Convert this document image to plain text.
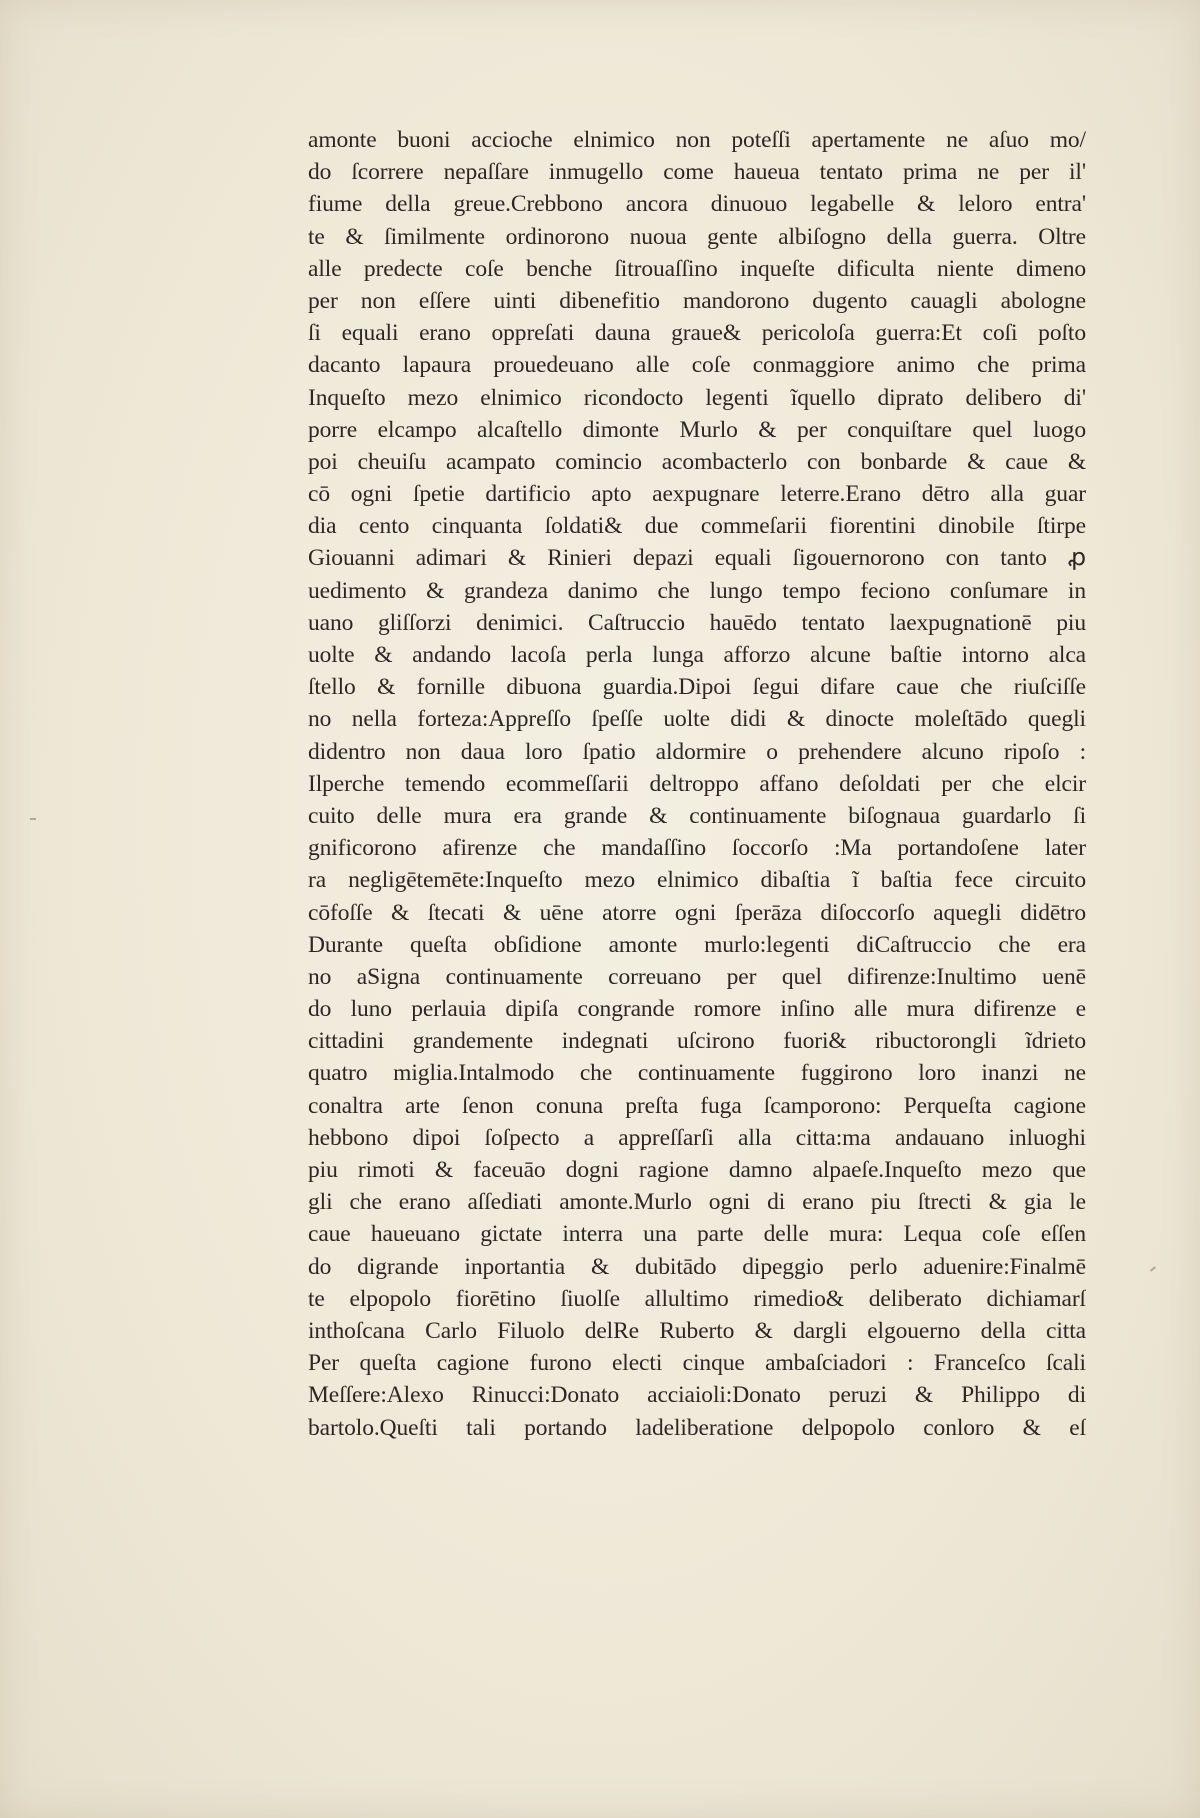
amonte buoni accioche elnimico non poteſſi apertamente ne aſuo mo/
do ſcorrere nepaſſare inmugello come haueua tentato prima ne per il'
fiume della greue.Crebbono ancora dinuouo legabelle & leloro entra'
te & ſimilmente ordinorono nuoua gente albiſogno della guerra. Oltre
alle predecte coſe benche ſitrouaſſino inqueſte dificulta niente dimeno
per non eſſere uinti dibenefitio mandorono dugento cauagli abologne
ſi equali erano oppreſati dauna graue& pericoloſa guerra:Et coſi poſto
dacanto lapaura prouedeuano alle coſe conmaggiore animo che prima
Inqueſto mezo elnimico ricondocto legenti ĩquello diprato delibero di'
porre elcampo alcaſtello dimonte Murlo & per conquiſtare quel luogo
poi cheuiſu acampato comincio acombacterlo con bonbarde & caue &
cō ogni ſpetie dartificio apto aexpugnare leterre.Erano dētro alla guar
dia cento cinquanta ſoldati& due commeſarii fiorentini dinobile ſtirpe
Giouanni adimari & Rinieri depazi equali ſigouernorono con tanto ꝓ
uedimento & grandeza danimo che lungo tempo feciono conſumare in
uano gliſſorzi denimici. Caſtruccio hauēdo tentato laexpugnationē piu
uolte & andando lacoſa perla lunga afforzo alcune baſtie intorno alca
ſtello & fornille dibuona guardia.Dipoi ſegui difare caue che riuſciſſe
no nella forteza:Appreſſo ſpeſſe uolte didi & dinocte moleſtādo quegli
didentro non daua loro ſpatio aldormire o prehendere alcuno ripoſo :
Ilperche temendo ecommeſſarii deltroppo affano deſoldati per che elcir
cuito delle mura era grande & continuamente biſognaua guardarlo ſi
gnificorono afirenze che mandaſſino ſoccorſo :Ma portandoſene later
ra negligētemēte:Inqueſto mezo elnimico dibaſtia ĩ baſtia fece circuito
cōfoſſe & ſtecati & uēne atorre ogni ſperāza diſoccorſo aquegli didētro
Durante queſta obſidione amonte murlo:legenti diCaſtruccio che era
no aSigna continuamente correuano per quel difirenze:Inultimo uenē
do luno perlauia dipiſa congrande romore inſino alle mura difirenze e
cittadini grandemente indegnati uſcirono fuori& ribuctorongli ĩdrieto
quatro miglia.Intalmodo che continuamente fuggirono loro inanzi ne
conaltra arte ſenon conuna preſta fuga ſcamporono: Perqueſta cagione
hebbono dipoi ſoſpecto a appreſſarſi alla citta:ma andauano inluoghi
piu rimoti & faceuāo dogni ragione damno alpaeſe.Inqueſto mezo que
gli che erano aſſediati amonte.Murlo ogni di erano piu ſtrecti & gia le
caue haueuano gictate interra una parte delle mura: Lequa coſe eſſen
do digrande inportantia & dubitādo dipeggio perlo aduenire:Finalmē
te elpopolo fiorētino ſiuolſe allultimo rimedio& deliberato dichiamarſ
inthoſcana Carlo Filuolo delRe Ruberto & dargli elgouerno della citta
Per queſta cagione furono electi cinque ambaſciadori : Franceſco ſcali
Meſſere:Alexo Rinucci:Donato acciaioli:Donato peruzi & Philippo di
bartolo.Queſti tali portando ladeliberatione delpopolo conloro & eſ
